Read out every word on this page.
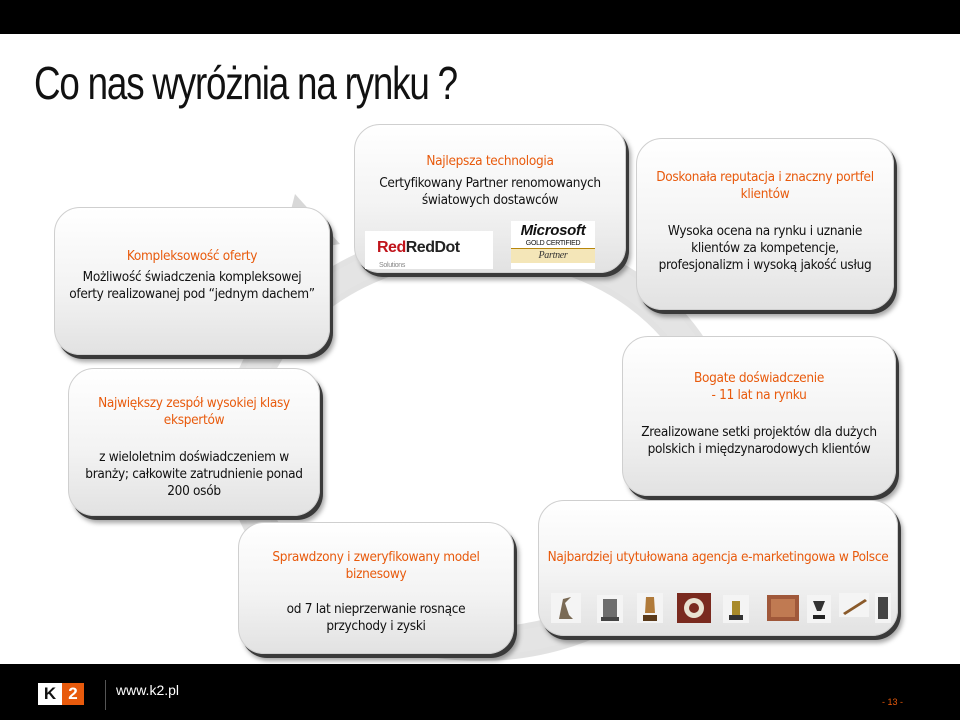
Co nas wyróżnia na rynku ?

Kompleksowość oferty

Możliwość świadczenia kompleksowej oferty realizowanej pod “jednym dachem”

Najlepsza technologia

Certyfikowany Partner renomowanych światowych dostawców

RedRedDot
Solutions
Microsoft
GOLD CERTIFIED
Partner

Doskonała reputacja i znaczny portfel klientów

Wysoka ocena na rynku i uznanie klientów za kompetencje, profesjonalizm i wysoką jakość usług

Największy zespół wysokiej klasy ekspertów

z wieloletnim doświadczeniem w branży; całkowite zatrudnienie ponad 200 osób

Bogate doświadczenie

- 11 lat na rynku

Zrealizowane setki projektów dla dużych polskich i międzynarodowych klientów

Sprawdzony i zweryfikowany model biznesowy

od 7 lat nieprzerwanie rosnące przychody i zyski

Najbardziej utytułowana agencja e-marketingowa w Polsce

K 2	www.k2.pl
- 13 -
